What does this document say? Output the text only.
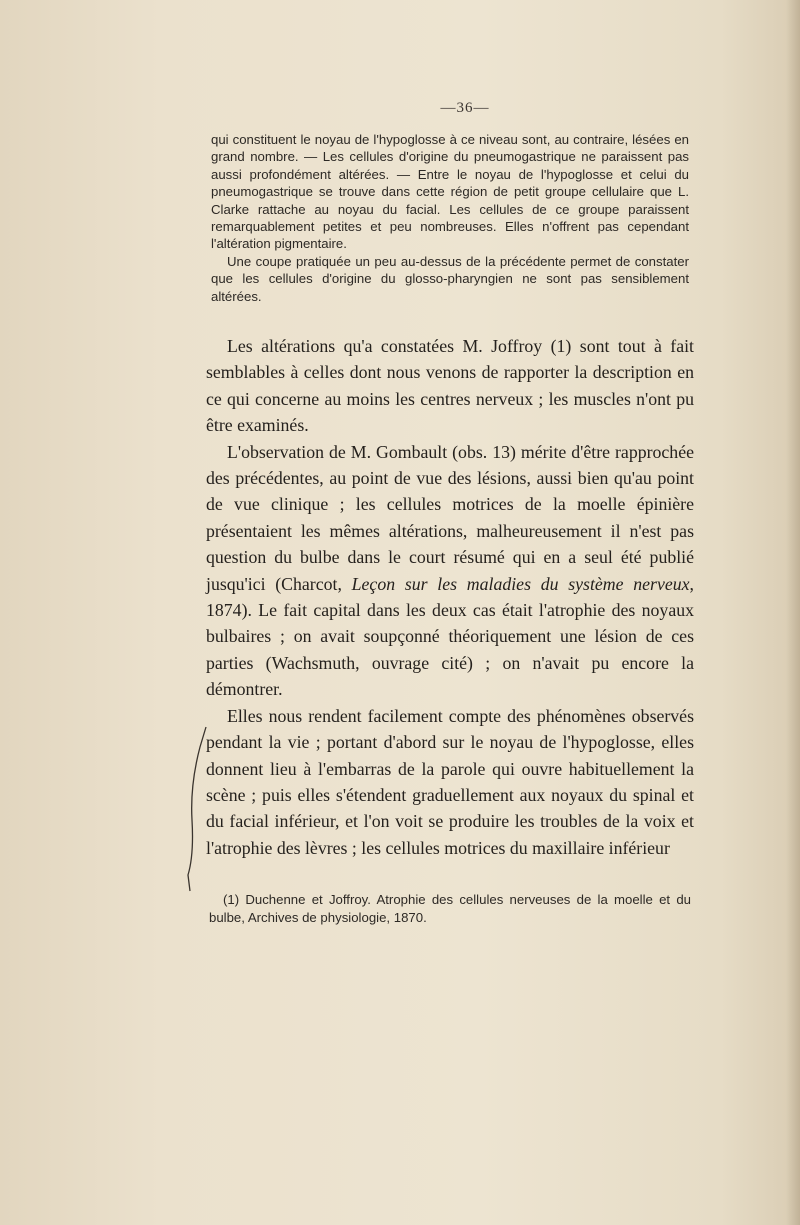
—36—

qui constituent le noyau de l'hypoglosse à ce niveau sont, au contraire, lésées en grand nombre. — Les cellules d'origine du pneumogastrique ne paraissent pas aussi profondément altérées. — Entre le noyau de l'hypoglosse et celui du pneumogastrique se trouve dans cette région de petit groupe cellulaire que L. Clarke rattache au noyau du facial. Les cellules de ce groupe paraissent remarquablement petites et peu nombreuses. Elles n'offrent pas cependant l'altération pigmentaire.

Une coupe pratiquée un peu au-dessus de la précédente permet de constater que les cellules d'origine du glosso-pharyngien ne sont pas sensiblement altérées.

Les altérations qu'a constatées M. Joffroy (1) sont tout à fait semblables à celles dont nous venons de rapporter la description en ce qui concerne au moins les centres nerveux ; les muscles n'ont pu être examinés.

L'observation de M. Gombault (obs. 13) mérite d'être rapprochée des précédentes, au point de vue des lésions, aussi bien qu'au point de vue clinique ; les cellules motrices de la moelle épinière présentaient les mêmes altérations, malheureusement il n'est pas question du bulbe dans le court résumé qui en a seul été publié jusqu'ici (Charcot, Leçon sur les maladies du système nerveux, 1874). Le fait capital dans les deux cas était l'atrophie des noyaux bulbaires ; on avait soupçonné théoriquement une lésion de ces parties (Wachsmuth, ouvrage cité) ; on n'avait pu encore la démontrer.

Elles nous rendent facilement compte des phénomènes observés pendant la vie ; portant d'abord sur le noyau de l'hypoglosse, elles donnent lieu à l'embarras de la parole qui ouvre habituellement la scène ; puis elles s'étendent graduellement aux noyaux du spinal et du facial inférieur, et l'on voit se produire les troubles de la voix et l'atrophie des lèvres ; les cellules motrices du maxillaire inférieur

(1) Duchenne et Joffroy. Atrophie des cellules nerveuses de la moelle et du bulbe, Archives de physiologie, 1870.
